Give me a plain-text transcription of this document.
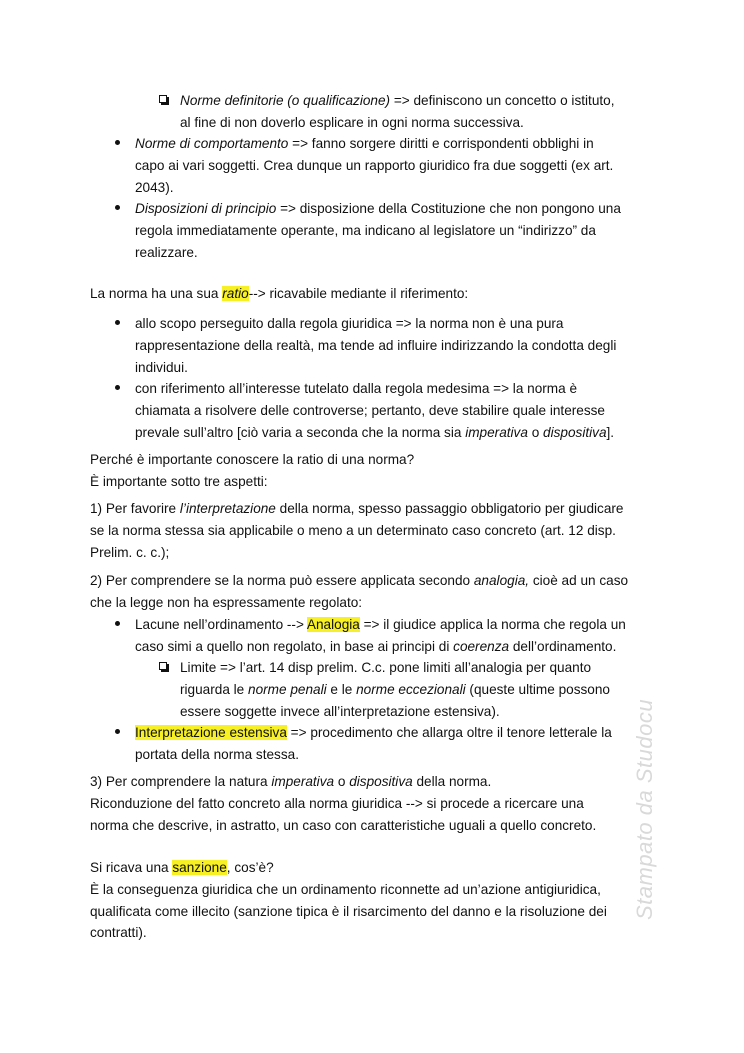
Stampato da Studocu

Norme definitorie (o qualificazione) => definiscono un concetto o istituto,

al fine di non doverlo esplicare in ogni norma successiva.

Norme di comportamento => fanno sorgere diritti e corrispondenti obblighi in

capo ai vari soggetti. Crea dunque un rapporto giuridico fra due soggetti (ex art.

2043).

Disposizioni di principio => disposizione della Costituzione che non pongono una

regola immediatamente operante, ma indicano al legislatore un “indirizzo” da

realizzare.

La norma ha una sua ratio--> ricavabile mediante il riferimento:

allo scopo perseguito dalla regola giuridica => la norma non è una pura

rappresentazione della realtà, ma tende ad influire indirizzando la condotta degli

individui.

con riferimento all’interesse tutelato dalla regola medesima => la norma è

chiamata a risolvere delle controverse; pertanto, deve stabilire quale interesse

prevale sull’altro [ciò varia a seconda che la norma sia imperativa o dispositiva].

Perché è importante conoscere la ratio di una norma?

È importante sotto tre aspetti:

1) Per favorire l’interpretazione della norma, spesso passaggio obbligatorio per giudicare

se la norma stessa sia applicabile o meno a un determinato caso concreto (art. 12 disp.

Prelim. c. c.);

2) Per comprendere se la norma può essere applicata secondo analogia, cioè ad un caso

che la legge non ha espressamente regolato:

Lacune nell’ordinamento --> Analogia => il giudice applica la norma che regola un

caso simi a quello non regolato, in base ai principi di coerenza dell’ordinamento.

Limite => l’art. 14 disp prelim. C.c. pone limiti all’analogia per quanto

riguarda le norme penali e le norme eccezionali (queste ultime possono

essere soggette invece all’interpretazione estensiva).

Interpretazione estensiva => procedimento che allarga oltre il tenore letterale la

portata della norma stessa.

3) Per comprendere la natura imperativa o dispositiva della norma.

Riconduzione del fatto concreto alla norma giuridica --> si procede a ricercare una

norma che descrive, in astratto, un caso con caratteristiche uguali a quello concreto.

Si ricava una sanzione, cos’è?

È la conseguenza giuridica che un ordinamento riconnette ad un’azione antigiuridica,

qualificata come illecito (sanzione tipica è il risarcimento del danno e la risoluzione dei

contratti).
